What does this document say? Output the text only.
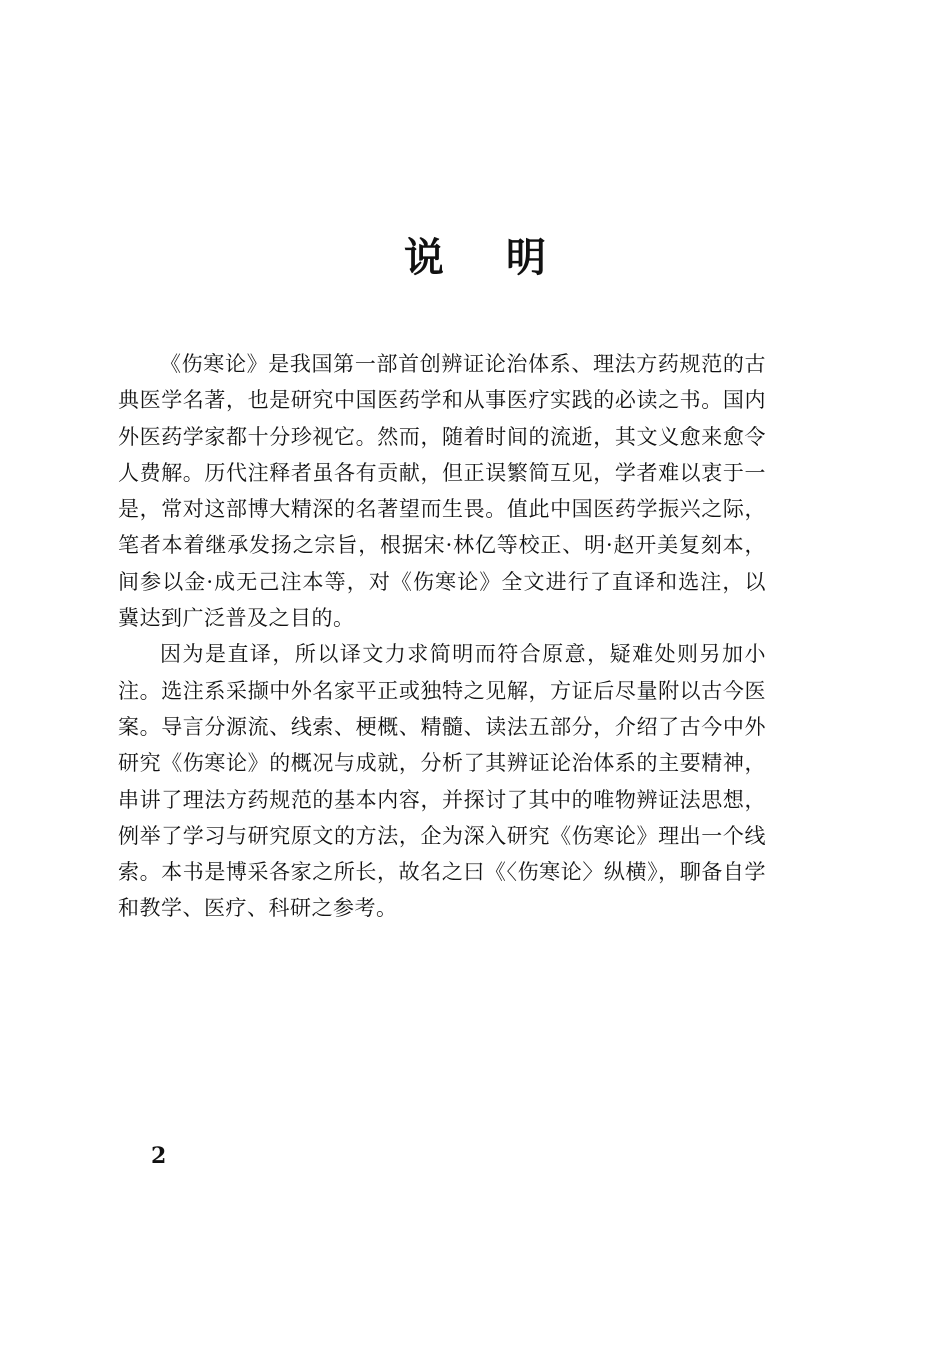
说明

《伤寒论》是我国第一部首创辨证论治体系、理法方药规范的古典医学名著，也是研究中国医药学和从事医疗实践的必读之书。国内外医药学家都十分珍视它。然而，随着时间的流逝，其文义愈来愈令人费解。历代注释者虽各有贡献，但正误繁简互见，学者难以衷于一是，常对这部博大精深的名著望而生畏。值此中国医药学振兴之际，笔者本着继承发扬之宗旨，根据宋·林亿等校正、明·赵开美复刻本，间参以金·成无己注本等，对《伤寒论》全文进行了直译和选注，以冀达到广泛普及之目的。

因为是直译，所以译文力求简明而符合原意，疑难处则另加小注。选注系采撷中外名家平正或独特之见解，方证后尽量附以古今医案。导言分源流、线索、梗概、精髓、读法五部分，介绍了古今中外研究《伤寒论》的概况与成就，分析了其辨证论治体系的主要精神，串讲了理法方药规范的基本内容，并探讨了其中的唯物辨证法思想，例举了学习与研究原文的方法，企为深入研究《伤寒论》理出一个线索。本书是博采各家之所长，故名之曰《〈伤寒论〉纵横》，聊备自学和教学、医疗、科研之参考。

2
